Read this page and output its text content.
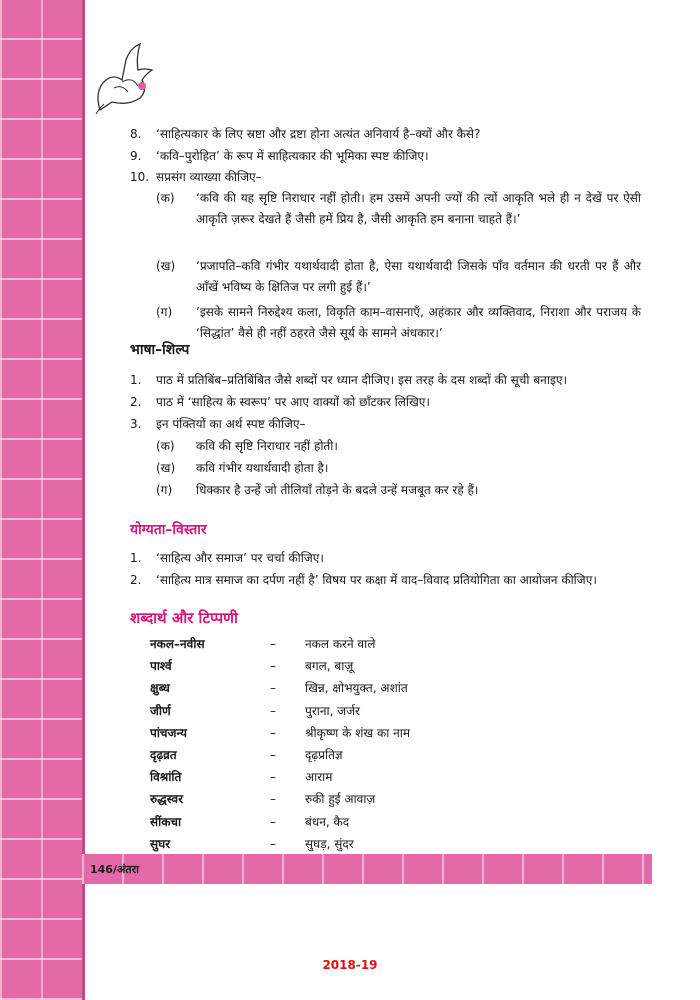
8. ‘साहित्यकार के लिए स्रष्टा और द्रष्टा होना अत्यंत अनिवार्य है–क्यों और कैसे?
9. ‘कवि–पुरोहित’ के रूप में साहित्यकार की भूमिका स्पष्ट कीजिए।
10. सप्रसंग व्याख्या कीजिए–
(क)	‘कवि की यह सृष्टि निराधार नहीं होती। हम उसमें अपनी ज्यों की त्यों आकृति भले ही न देखें पर ऐसी आकृति ज़रूर देखते हैं जैसी हमें प्रिय है, जैसी आकृति हम बनाना चाहते हैं।’
(ख)	‘प्रजापति–कवि गंभीर यथार्थवादी होता है, ऐसा यथार्थवादी जिसके पाँव वर्तमान की धरती पर हैं और आँखें भविष्य के क्षितिज पर लगी हुई हैं।’
(ग)	‘इसके सामने निरुद्देश्य कला, विकृति काम–वासनाएँ, अहंकार और व्यक्तिवाद, निराशा और पराजय के ‘सिद्धांत’ वैसे ही नहीं ठहरते जैसे सूर्य के सामने अंधकार।’
भाषा–शिल्प
1. पाठ में प्रतिबिंब–प्रतिबिंबित जैसे शब्दों पर ध्यान दीजिए। इस तरह के दस शब्दों की सूची बनाइए।
2. पाठ में ‘साहित्य के स्वरूप’ पर आए वाक्यों को छाँटकर लिखिए।
3. इन पंक्तियों का अर्थ स्पष्ट कीजिए–
(क)	कवि की सृष्टि निराधार नहीं होती।
(ख)	कवि गंभीर यथार्थवादी होता है।
(ग)	धिक्कार है उन्हें जो तीलियाँ तोड़ने के बदले उन्हें मजबूत कर रहे हैं।
योग्यता–विस्तार
1. ‘साहित्य और समाज’ पर चर्चा कीजिए।
2. ‘साहित्य मात्र समाज का दर्पण नहीं है’ विषय पर कक्षा में वाद–विवाद प्रतियोगिता का आयोजन कीजिए।
शब्दार्थ और टिप्पणी
नकल–नवीस	– नकल करने वाले
पार्श्व	– बगल, बाज़ू
क्षुब्ध	– खिन्न, क्षोभयुक्त, अशांत
जीर्ण	– पुराना, जर्जर
पांचजन्य	– श्रीकृष्ण के शंख का नाम
दृढ़व्रत	– दृढ़प्रतिज्ञ
विश्रांति	– आराम
रुद्धस्वर	– रुकी हुई आवाज़
सींकचा	– बंधन, कैद
सुघर	– सुघड़, सुंदर
146/अंतरा
2018-19
